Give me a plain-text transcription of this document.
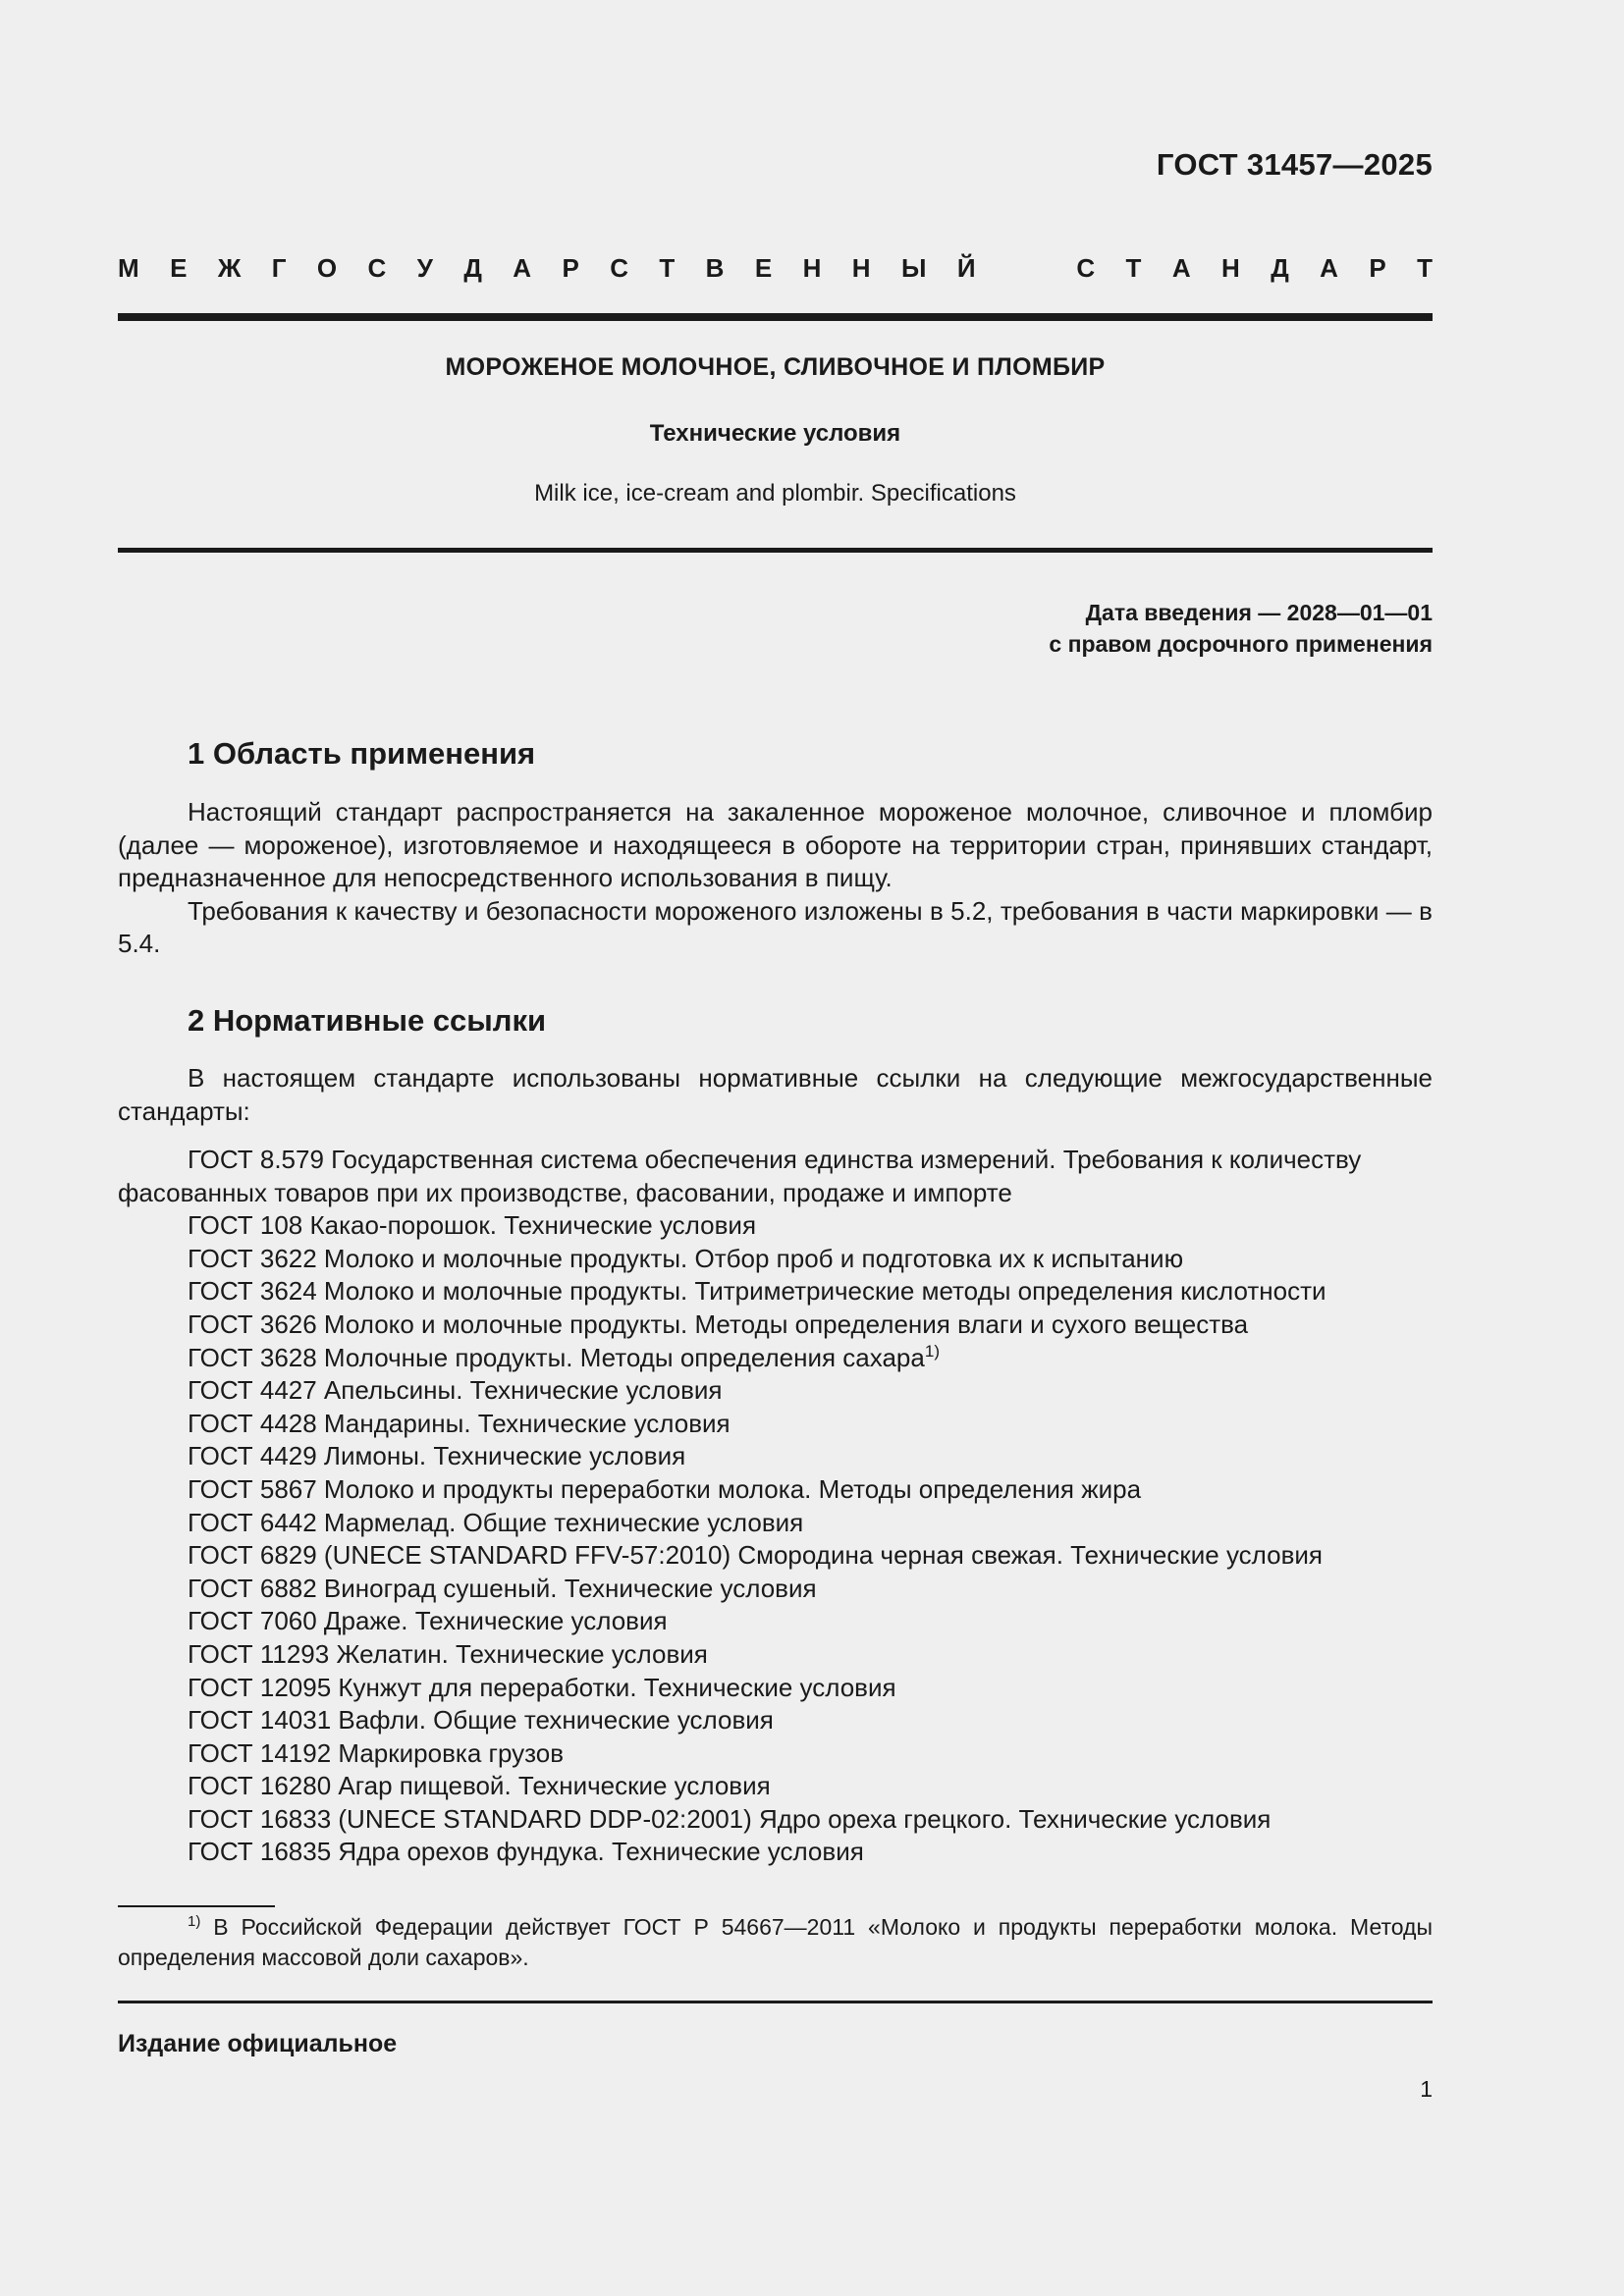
ГОСТ 31457—2025
М Е Ж Г О С У Д А Р С Т В Е Н Н Ы Й	С Т А Н Д А Р Т
МОРОЖЕНОЕ МОЛОЧНОЕ, СЛИВОЧНОЕ И ПЛОМБИР
Технические условия
Milk ice, ice-cream and plombir. Specifications
Дата введения — 2028—01—01
с правом досрочного применения
1 Область применения

Настоящий стандарт распространяется на закаленное мороженое молочное, сливочное и пломбир (далее — мороженое), изготовляемое и находящееся в обороте на территории стран, принявших стандарт, предназначенное для непосредственного использования в пищу.

Требования к качеству и безопасности мороженого изложены в 5.2, требования в части маркировки — в 5.4.

2 Нормативные ссылки

В настоящем стандарте использованы нормативные ссылки на следующие межгосударственные стандарты:

ГОСТ 8.579 Государственная система обеспечения единства измерений. Требования к количеству фасованных товаров при их производстве, фасовании, продаже и импорте
ГОСТ 108 Какао-порошок. Технические условия
ГОСТ 3622 Молоко и молочные продукты. Отбор проб и подготовка их к испытанию
ГОСТ 3624 Молоко и молочные продукты. Титриметрические методы определения кислотности
ГОСТ 3626 Молоко и молочные продукты. Методы определения влаги и сухого вещества
ГОСТ 3628 Молочные продукты. Методы определения сахара$^{1)}$
ГОСТ 4427 Апельсины. Технические условия
ГОСТ 4428 Мандарины. Технические условия
ГОСТ 4429 Лимоны. Технические условия
ГОСТ 5867 Молоко и продукты переработки молока. Методы определения жира
ГОСТ 6442 Мармелад. Общие технические условия
ГОСТ 6829 (UNECE STANDARD FFV-57:2010) Смородина черная свежая. Технические условия
ГОСТ 6882 Виноград сушеный. Технические условия
ГОСТ 7060 Драже. Технические условия
ГОСТ 11293 Желатин. Технические условия
ГОСТ 12095 Кунжут для переработки. Технические условия
ГОСТ 14031 Вафли. Общие технические условия
ГОСТ 14192 Маркировка грузов
ГОСТ 16280 Агар пищевой. Технические условия
ГОСТ 16833 (UNECE STANDARD DDP-02:2001) Ядро ореха грецкого. Технические условия
ГОСТ 16835 Ядра орехов фундука. Технические условия

$^{1)}$ В Российской Федерации действует ГОСТ Р 54667—2011 «Молоко и продукты переработки молока. Методы определения массовой доли сахаров».

Издание официальное
1
